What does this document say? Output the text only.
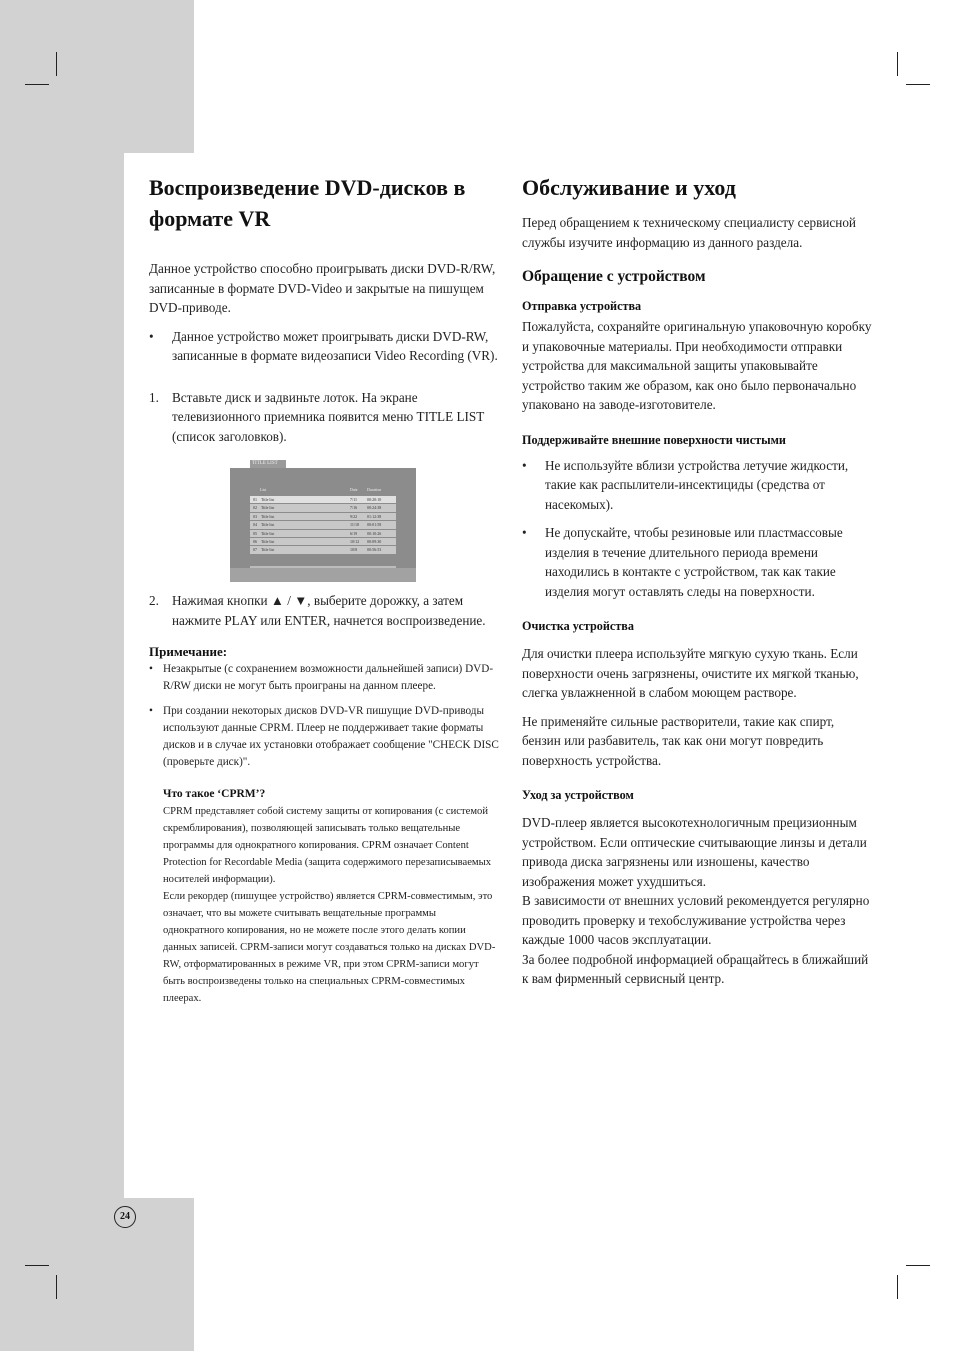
Воспроизведение DVD-дисков в формате VR

Данное устройство способно проигрывать диски DVD-R/RW, записанные в формате DVD-Video и закрытые на пишущем DVD-приводе.

• Данное устройство может проигрывать диски DVD-RW, записанные в формате видеозаписи Video Recording (VR).
1. Вставьте диск и задвиньте лоток. На экране телевизионного приемника появится меню TITLE LIST (список заголовков).
TITLE LIST
List	Date Duration
01 Title list	7/11	00:20:10
02 Title list	7/16 00:24:38
03 Title list	9/22 01:12:38
04 Title list	11/18 00:01:58
05 Title list	6/19 00:10:26
06 Title list	10/12 00:09:30
07 Title list	10/8 00:56:53
2. Нажимая кнопки ▲ / ▼, выберите дорожку, а затем нажмите PLAY или ENTER, начнется воспроизведение.
Примечание:
• Незакрытые (с сохранением возможности дальнейшей записи) DVD-R/RW диски не могут быть проиграны на данном плеере.
• При создании некоторых дисков DVD-VR пишущие DVD-приводы используют данные CPRM. Плеер не поддерживает такие форматы дисков и в случае их установки отображает сообщение "CHECK DISC (проверьте диск)".
Что такое ‘CPRM’?

CPRM представляет собой систему защиты от копирования (с системой скремблирования), позволяющей записывать только вещательные программы для однократного копирования. CPRM означает Content Protection for Recordable Media (защита содержимого перезаписываемых носителей информации).

Если рекордер (пишущее устройство) является CPRM-совместимым, это означает, что вы можете считывать вещательные программы однократного копирования, но не можете после этого делать копии данных записей. CPRM-записи могут создаваться только на дисках DVD-RW, отформатированных в режиме VR, при этом CPRM-записи могут быть воспроизведены только на специальных CPRM-совместимых плеерах.

Обслуживание и уход

Перед обращением к техническому специалисту сервисной службы изучите информацию из данного раздела.

Обращение с устройством
Отправка устройства

Пожалуйста, сохраняйте оригинальную упаковочную коробку и упаковочные материалы. При необходимости отправки устройства для максимальной защиты упаковывайте устройство таким же образом, как оно было первоначально упаковано на заводе-изготовителе.

Поддерживайте внешние поверхности чистыми
• Не используйте вблизи устройства летучие жидкости, такие как распылители-инсектициды (средства от насекомых).
• Не допускайте, чтобы резиновые или пластмассовые изделия в течение длительного периода времени находились в контакте с устройством, так как такие изделия могут оставлять следы на поверхности.
Очистка устройства

Для очистки плеера используйте мягкую сухую ткань. Если поверхности очень загрязнены, очистите их мягкой тканью, слегка увлажненной в слабом моющем растворе.

Не применяйте сильные растворители, такие как спирт, бензин или разбавитель, так как они могут повредить поверхность устройства.

Уход за устройством

DVD-плеер является высокотехнологичным прецизионным устройством. Если оптические считывающие линзы и детали привода диска загрязнены или изношены, качество изображения может ухудшиться.

В зависимости от внешних условий рекомендуется регулярно проводить проверку и техобслуживание устройства через каждые 1000 часов эксплуатации.

За более подробной информацией обращайтесь в ближайший к вам фирменный сервисный центр.

24
